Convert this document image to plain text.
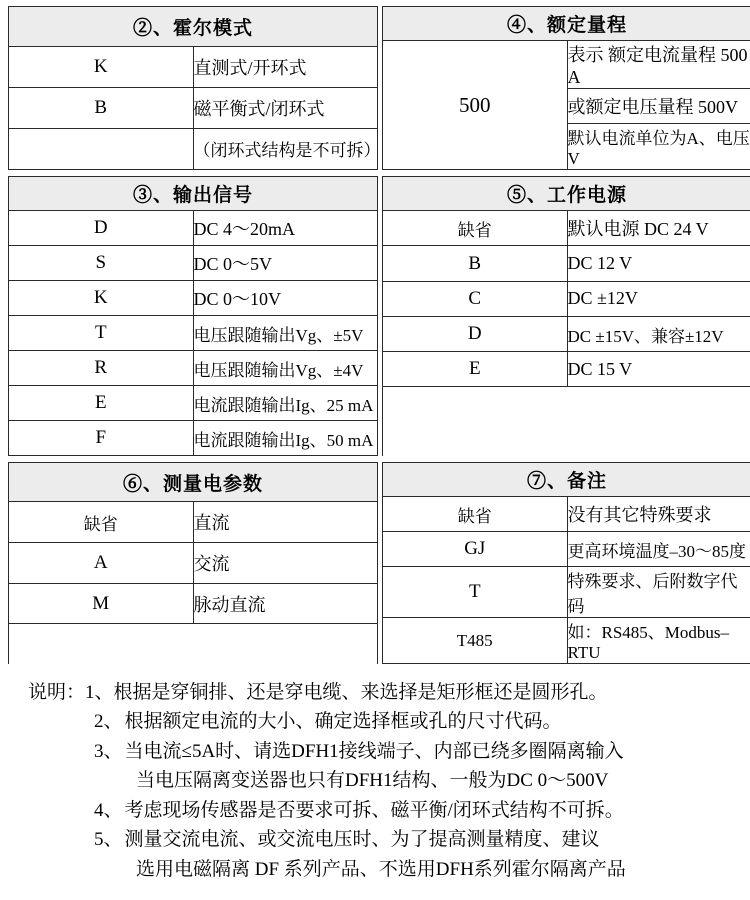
②、霍尔模式	
K	直测式/开环式
B	磁平衡式/闭环式
	（闭环式结构是不可拆）
④、额定量程
500	表示 额定电流量程 500 A
或额定电压量程 500V
默认电流单位为A、电压V
③、输出信号	
D	DC 4～20mA
S	DC 0～5V
K	DC 0～10V
T	电压跟随输出Vg、±5V
R	电压跟随输出Vg、±4V
E	电流跟随输出Ig、25 mA
F	电流跟随输出Ig、50 mA
⑤、工作电源	
缺省	默认电源 DC 24 V
B	DC 12 V
C	DC ±12V
D	DC ±15V、兼容±12V
E	DC 15 V

⑥、测量电参数	
缺省	直流
A	交流
M	脉动直流

⑦、备注	
缺省	没有其它特殊要求
GJ	更高环境温度–30～85度
T	特殊要求、后附数字代码
T485	如：RS485、Modbus–RTU
说明： 1、 根据是穿铜排、还是穿电缆、来选择是矩形框还是圆形孔。
2、 根据额定电流的大小、确定选择框或孔的尺寸代码。
3、 当电流≤5A时、请选DFH1接线端子、内部已绕多圈隔离输入
当电压隔离变送器也只有DFH1结构、一般为DC 0～500V
4、 考虑现场传感器是否要求可拆、磁平衡/闭环式结构不可拆。
5、 测量交流电流、或交流电压时、为了提高测量精度、建议
选用电磁隔离 DF 系列产品、不选用DFH系列霍尔隔离产品
